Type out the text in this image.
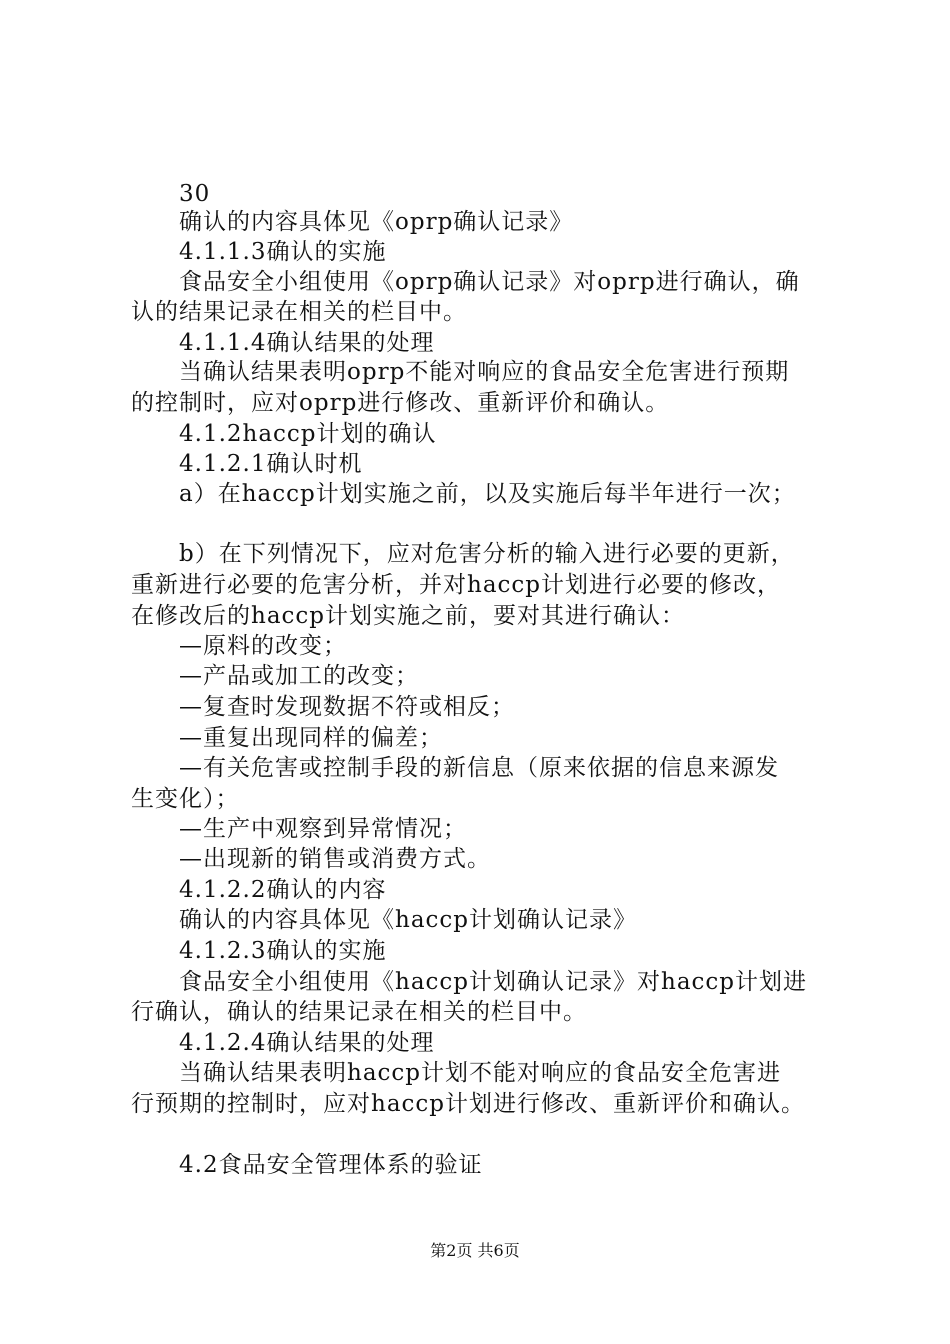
30
确认的内容具体见《oprp确认记录》
4.1.1.3确认的实施
食品安全小组使用《oprp确认记录》对oprp进行确认，确
认的结果记录在相关的栏目中。
4.1.1.4确认结果的处理
当确认结果表明oprp不能对响应的食品安全危害进行预期
的控制时，应对oprp进行修改、重新评价和确认。
4.1.2haccp计划的确认
4.1.2.1确认时机
a）在haccp计划实施之前，以及实施后每半年进行一次；
b）在下列情况下，应对危害分析的输入进行必要的更新，
重新进行必要的危害分析，并对haccp计划进行必要的修改，
在修改后的haccp计划实施之前，要对其进行确认：
—原料的改变；
—产品或加工的改变；
—复查时发现数据不符或相反；
—重复出现同样的偏差；
—有关危害或控制手段的新信息（原来依据的信息来源发
生变化）；
—生产中观察到异常情况；
—出现新的销售或消费方式。
4.1.2.2确认的内容
确认的内容具体见《haccp计划确认记录》
4.1.2.3确认的实施
食品安全小组使用《haccp计划确认记录》对haccp计划进
行确认，确认的结果记录在相关的栏目中。
4.1.2.4确认结果的处理
当确认结果表明haccp计划不能对响应的食品安全危害进
行预期的控制时，应对haccp计划进行修改、重新评价和确认。
4.2食品安全管理体系的验证
第2页 共6页
